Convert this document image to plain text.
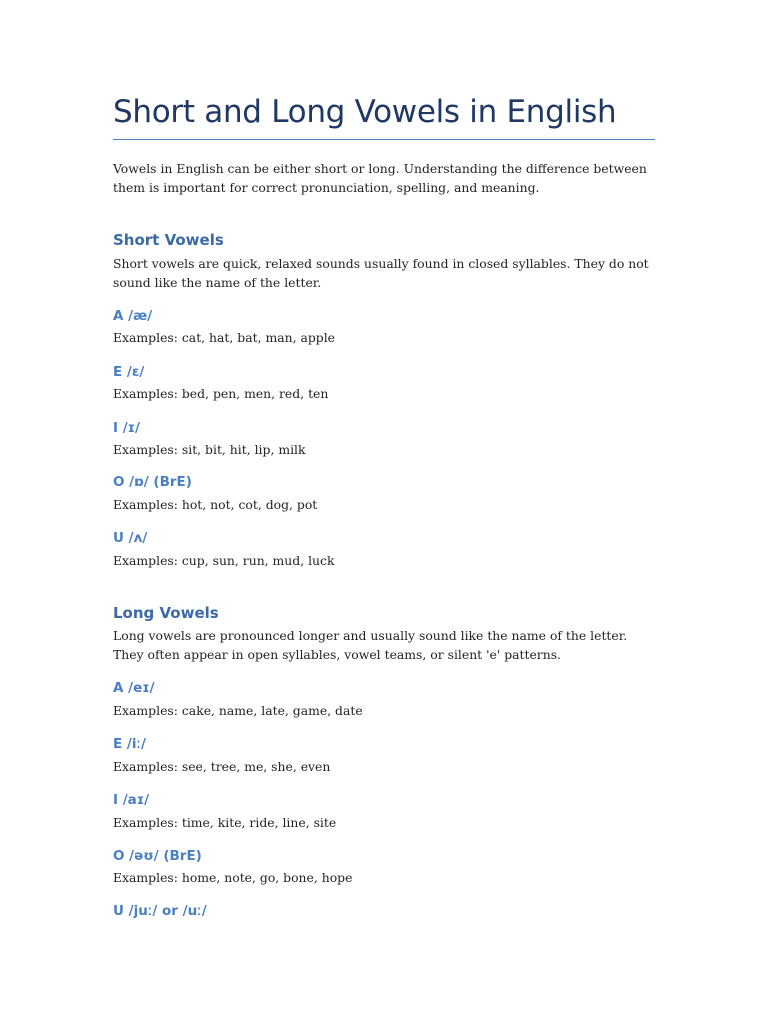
Short and Long Vowels in English
Vowels in English can be either short or long. Understanding the difference between them is important for correct pronunciation, spelling, and meaning.
Short Vowels
Short vowels are quick, relaxed sounds usually found in closed syllables. They do not sound like the name of the letter.
A /æ/
Examples: cat, hat, bat, man, apple
E /ɛ/
Examples: bed, pen, men, red, ten
I /ɪ/
Examples: sit, bit, hit, lip, milk
O /ɒ/ (BrE)
Examples: hot, not, cot, dog, pot
U /ʌ/
Examples: cup, sun, run, mud, luck
Long Vowels
Long vowels are pronounced longer and usually sound like the name of the letter. They often appear in open syllables, vowel teams, or silent 'e' patterns.
A /eɪ/
Examples: cake, name, late, game, date
E /iː/
Examples: see, tree, me, she, even
I /aɪ/
Examples: time, kite, ride, line, site
O /əʊ/ (BrE)
Examples: home, note, go, bone, hope
U /juː/ or /uː/
